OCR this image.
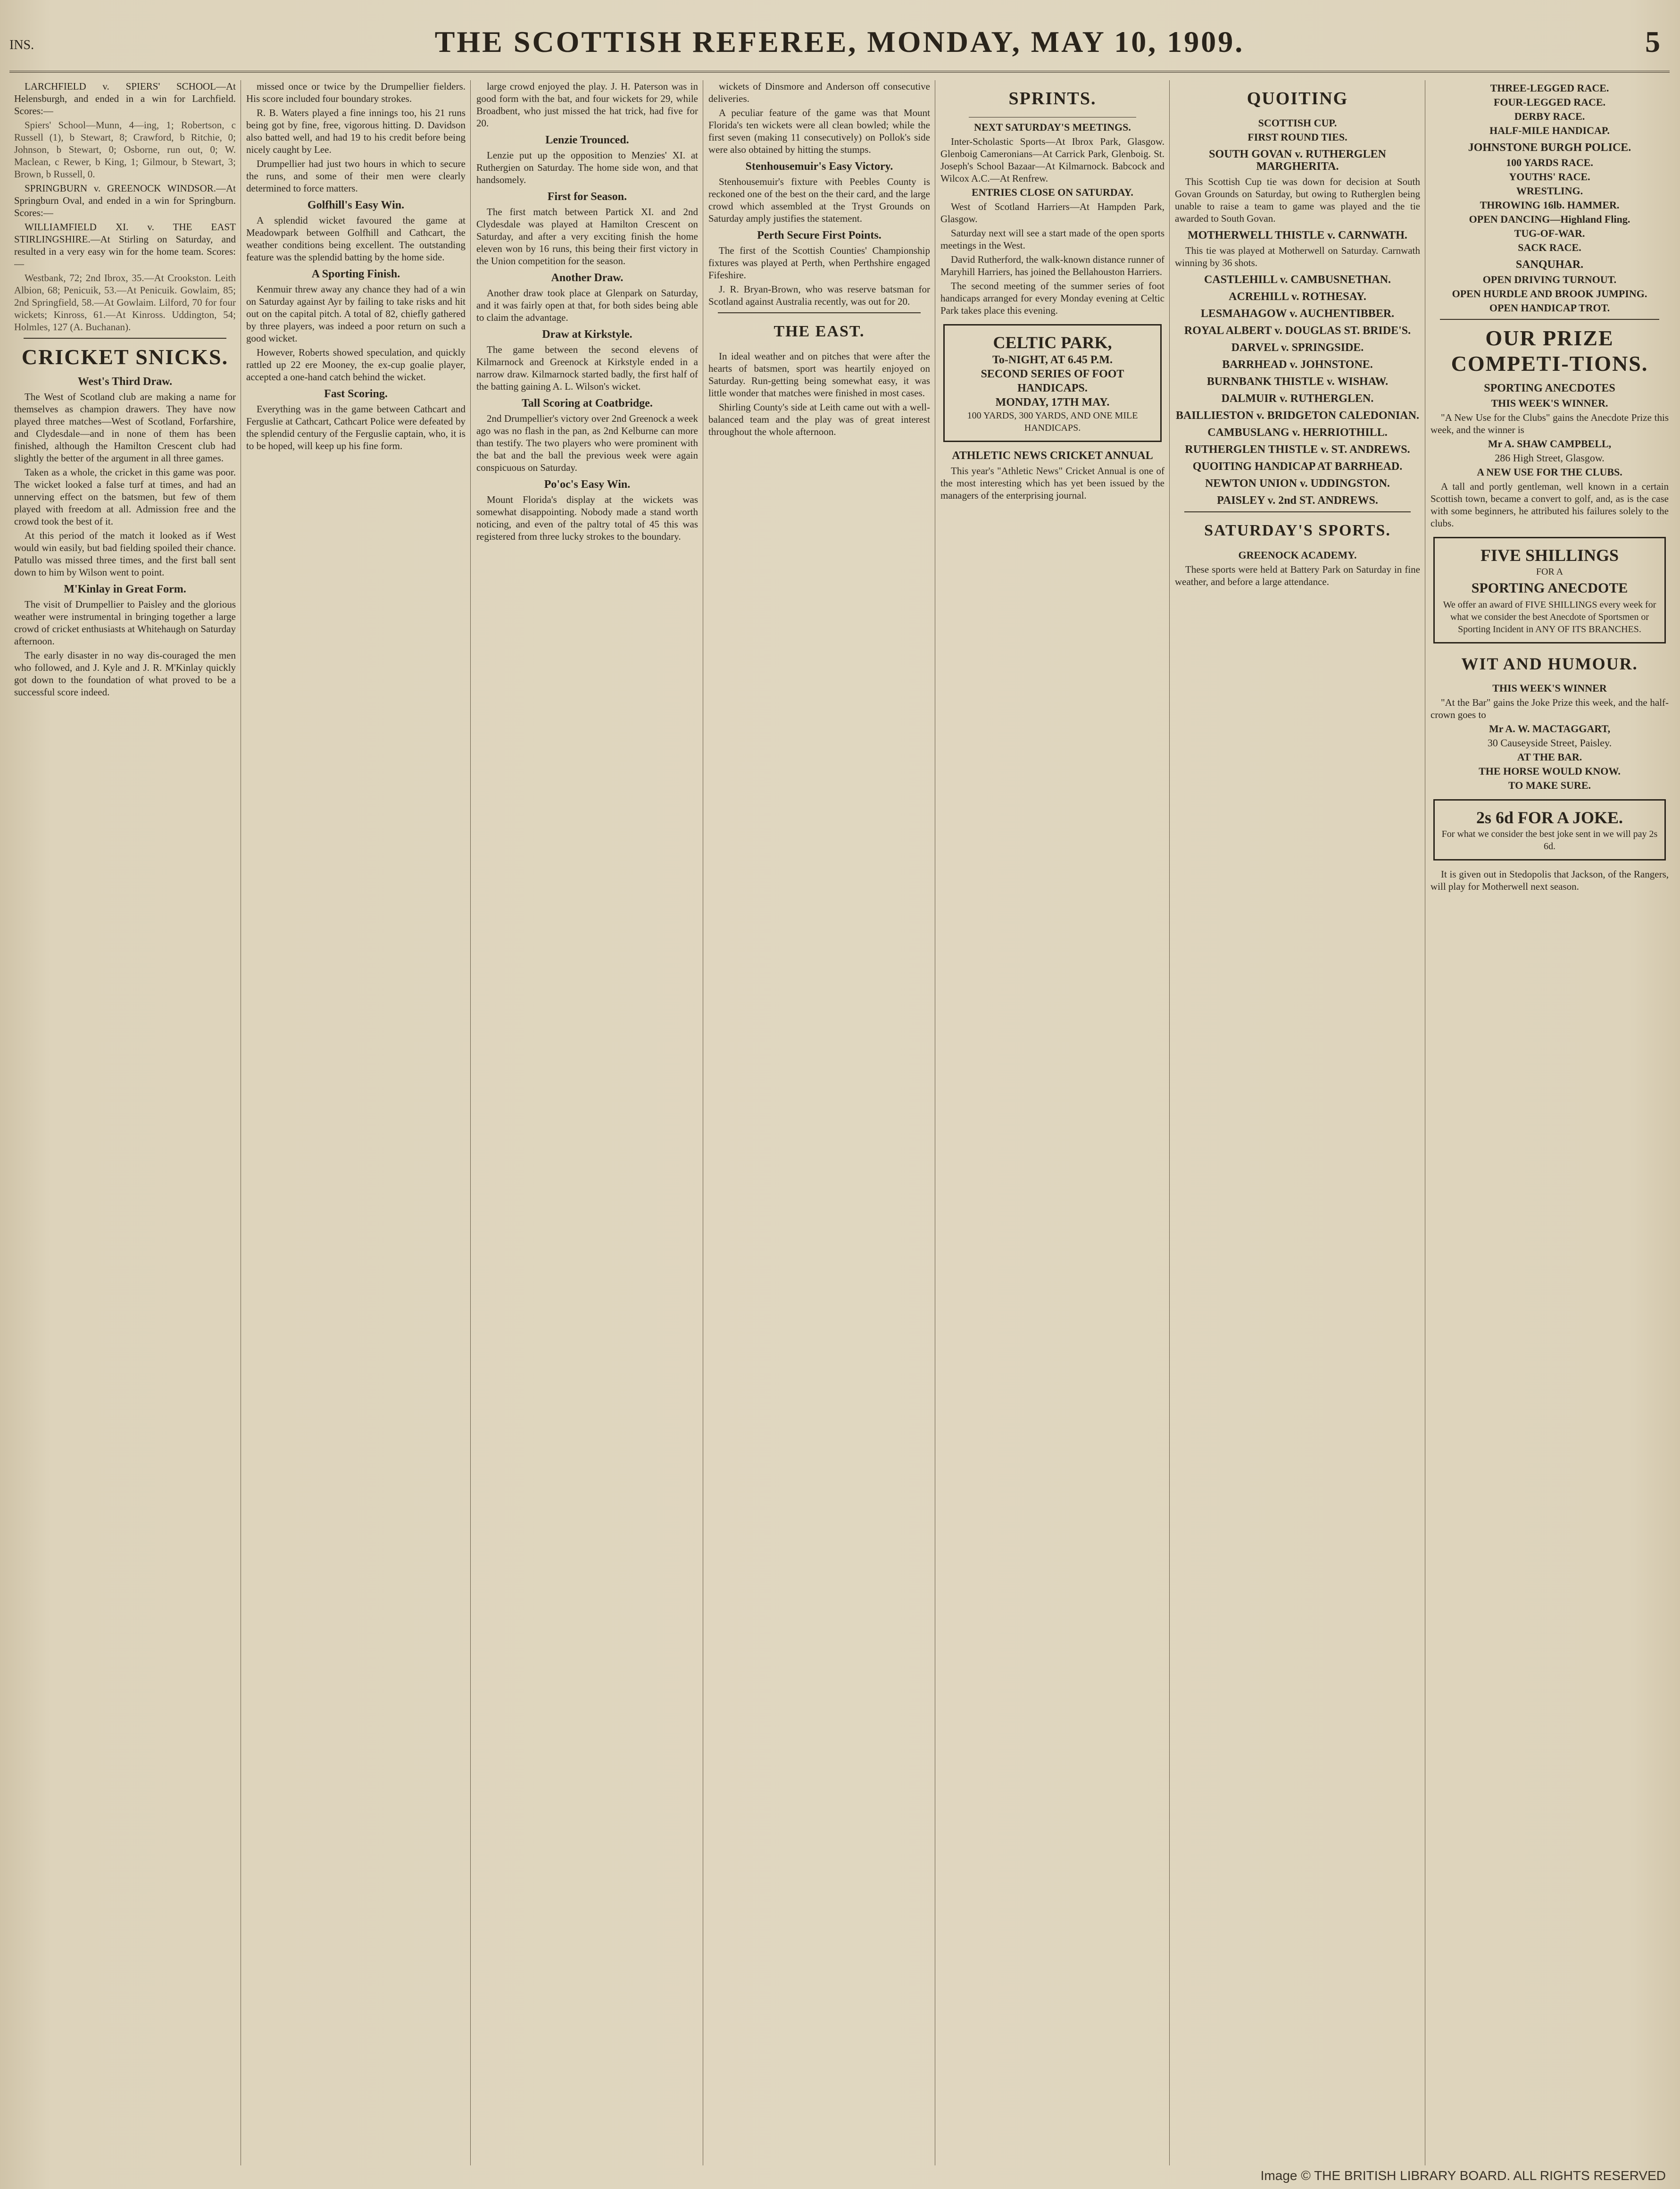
INS.	THE SCOTTISH REFEREE, MONDAY, MAY 10, 1909.	5

LARCHFIELD v. SPIERS' SCHOOL—At Helensburgh, and ended in a win for Larchfield. Scores:—

Spiers' School—Munn, 4—ing, 1; Robertson, c Russell (1), b Stewart, 8; Crawford, b Ritchie, 0; Johnson, b Stewart, 0; Osborne, run out, 0; W. Maclean, c Rewer, b King, 1; Gilmour, b Stewart, 3; Brown, b Russell, 0.

SPRINGBURN v. GREENOCK WINDSOR.—At Springburn Oval, and ended in a win for Springburn. Scores:—

WILLIAMFIELD XI. v. THE EAST STIRLINGSHIRE.—At Stirling on Saturday, and resulted in a very easy win for the home team. Scores:—

Westbank, 72; 2nd Ibrox, 35.—At Crookston. Leith Albion, 68; Penicuik, 53.—At Penicuik. Gowlaim, 85; 2nd Springfield, 58.—At Gowlaim. Lilford, 70 for four wickets; Kinross, 61.—At Kinross. Uddington, 54; Holmles, 127 (A. Buchanan).

CRICKET SNICKS.
West's Third Draw.

The West of Scotland club are making a name for themselves as champion drawers. They have now played three matches—West of Scotland, Forfarshire, and Clydesdale—and in none of them has been finished, although the Hamilton Crescent club had slightly the better of the argument in all three games.

Taken as a whole, the cricket in this game was poor. The wicket looked a false turf at times, and had an unnerving effect on the batsmen, but few of them played with freedom at all. Admission free and the crowd took the best of it.

At this period of the match it looked as if West would win easily, but bad fielding spoiled their chance. Patullo was missed three times, and the first ball sent down to him by Wilson went to point.

M'Kinlay in Great Form.

The visit of Drumpellier to Paisley and the glorious weather were instrumental in bringing together a large crowd of cricket enthusiasts at Whitehaugh on Saturday afternoon.

The early disaster in no way dis-couraged the men who followed, and J. Kyle and J. R. M'Kinlay quickly got down to the foundation of what proved to be a successful score indeed.

missed once or twice by the Drumpellier fielders. His score included four boundary strokes.

R. B. Waters played a fine innings too, his 21 runs being got by fine, free, vigorous hitting. D. Davidson also batted well, and had 19 to his credit before being nicely caught by Lee.

Drumpellier had just two hours in which to secure the runs, and some of their men were clearly determined to force matters.

Golfhill's Easy Win.

A splendid wicket favoured the game at Meadowpark between Golfhill and Cathcart, the weather conditions being excellent. The outstanding feature was the splendid batting by the home side.

A Sporting Finish.

Kenmuir threw away any chance they had of a win on Saturday against Ayr by failing to take risks and hit out on the capital pitch. A total of 82, chiefly gathered by three players, was indeed a poor return on such a good wicket.

However, Roberts showed speculation, and quickly rattled up 22 ere Mooney, the ex-cup goalie player, accepted a one-hand catch behind the wicket.

Fast Scoring.

Everything was in the game between Cathcart and Ferguslie at Cathcart, Cathcart Police were defeated by the splendid century of the Ferguslie captain, who, it is to be hoped, will keep up his fine form.

large crowd enjoyed the play. J. H. Paterson was in good form with the bat, and four wickets for 29, while Broadbent, who just missed the hat trick, had five for 20.

Lenzie Trounced.

Lenzie put up the opposition to Menzies' XI. at Ruthergien on Saturday. The home side won, and that handsomely.

First for Season.

The first match between Partick XI. and 2nd Clydesdale was played at Hamilton Crescent on Saturday, and after a very exciting finish the home eleven won by 16 runs, this being their first victory in the Union competition for the season.

Another Draw.

Another draw took place at Glenpark on Saturday, and it was fairly open at that, for both sides being able to claim the advantage.

Draw at Kirkstyle.

The game between the second elevens of Kilmarnock and Greenock at Kirkstyle ended in a narrow draw. Kilmarnock started badly, the first half of the batting gaining A. L. Wilson's wicket.

Tall Scoring at Coatbridge.

2nd Drumpellier's victory over 2nd Greenock a week ago was no flash in the pan, as 2nd Kelburne can more than testify. The two players who were prominent with the bat and the ball the previous week were again conspicuous on Saturday.

Po'oc's Easy Win.

Mount Florida's display at the wickets was somewhat disappointing. Nobody made a stand worth noticing, and even of the paltry total of 45 this was registered from three lucky strokes to the boundary.

wickets of Dinsmore and Anderson off consecutive deliveries.

A peculiar feature of the game was that Mount Florida's ten wickets were all clean bowled; while the first seven (making 11 consecutively) on Pollok's side were also obtained by hitting the stumps.

Stenhousemuir's Easy Victory.

Stenhousemuir's fixture with Peebles County is reckoned one of the best on the their card, and the large crowd which assembled at the Tryst Grounds on Saturday amply justifies the statement.

Perth Secure First Points.

The first of the Scottish Counties' Championship fixtures was played at Perth, when Perthshire engaged Fifeshire.

J. R. Bryan-Brown, who was reserve batsman for Scotland against Australia recently, was out for 20.

THE EAST.

In ideal weather and on pitches that were after the hearts of batsmen, sport was heartily enjoyed on Saturday. Run-getting being somewhat easy, it was little wonder that matches were finished in most cases.

Shirling County's side at Leith came out with a well-balanced team and the play was of great interest throughout the whole afternoon.

SPRINTS.
NEXT SATURDAY'S MEETINGS.

Inter-Scholastic Sports—At Ibrox Park, Glasgow. Glenboig Cameronians—At Carrick Park, Glenboig. St. Joseph's School Bazaar—At Kilmarnock. Babcock and Wilcox A.C.—At Renfrew.

ENTRIES CLOSE ON SATURDAY.

West of Scotland Harriers—At Hampden Park, Glasgow.

Saturday next will see a start made of the open sports meetings in the West.

David Rutherford, the walk-known distance runner of Maryhill Harriers, has joined the Bellahouston Harriers.

The second meeting of the summer series of foot handicaps arranged for every Monday evening at Celtic Park takes place this evening.

CELTIC PARK,
To-NIGHT, AT 6.45 P.M.
SECOND SERIES OF FOOT HANDICAPS.
MONDAY, 17TH MAY.
100 YARDS, 300 YARDS, AND ONE MILE HANDICAPS.
ATHLETIC NEWS CRICKET ANNUAL

This year's "Athletic News" Cricket Annual is one of the most interesting which has yet been issued by the managers of the enterprising journal.

QUOITING
SCOTTISH CUP.
FIRST ROUND TIES.
SOUTH GOVAN v. RUTHERGLEN MARGHERITA.

This Scottish Cup tie was down for decision at South Govan Grounds on Saturday, but owing to Rutherglen being unable to raise a team to game was played and the tie awarded to South Govan.

MOTHERWELL THISTLE v. CARNWATH.

This tie was played at Motherwell on Saturday. Carnwath winning by 36 shots.

CASTLEHILL v. CAMBUSNETHAN.
ACREHILL v. ROTHESAY.
LESMAHAGOW v. AUCHENTIBBER.
ROYAL ALBERT v. DOUGLAS ST. BRIDE'S.
DARVEL v. SPRINGSIDE.
BARRHEAD v. JOHNSTONE.
BURNBANK THISTLE v. WISHAW.
DALMUIR v. RUTHERGLEN.
BAILLIESTON v. BRIDGETON CALEDONIAN.
CAMBUSLANG v. HERRIOTHILL.
RUTHERGLEN THISTLE v. ST. ANDREWS.
QUOITING HANDICAP AT BARRHEAD.
NEWTON UNION v. UDDINGSTON.
PAISLEY v. 2nd ST. ANDREWS.
SATURDAY'S SPORTS.
GREENOCK ACADEMY.

These sports were held at Battery Park on Saturday in fine weather, and before a large attendance.

THREE-LEGGED RACE.
FOUR-LEGGED RACE.
DERBY RACE.
HALF-MILE HANDICAP.
JOHNSTONE BURGH POLICE.
100 YARDS RACE.
YOUTHS' RACE.
WRESTLING.
THROWING 16lb. HAMMER.
OPEN DANCING—Highland Fling.
TUG-OF-WAR.
SACK RACE.
SANQUHAR.
OPEN DRIVING TURNOUT.
OPEN HURDLE AND BROOK JUMPING.
OPEN HANDICAP TROT.
OUR PRIZE COMPETI-TIONS.
SPORTING ANECDOTES
THIS WEEK'S WINNER.

"A New Use for the Clubs" gains the Anecdote Prize this week, and the winner is

Mr A. SHAW CAMPBELL,
286 High Street, Glasgow.
A NEW USE FOR THE CLUBS.

A tall and portly gentleman, well known in a certain Scottish town, became a convert to golf, and, as is the case with some beginners, he attributed his failures solely to the clubs.

FIVE SHILLINGS
FOR A
SPORTING ANECDOTE
We offer an award of FIVE SHILLINGS every week for what we consider the best Anecdote of Sportsmen or Sporting Incident in ANY OF ITS BRANCHES.
WIT AND HUMOUR.
THIS WEEK'S WINNER

"At the Bar" gains the Joke Prize this week, and the half-crown goes to

Mr A. W. MACTAGGART,
30 Causeyside Street, Paisley.
AT THE BAR.
THE HORSE WOULD KNOW.
TO MAKE SURE.
2s 6d FOR A JOKE.
For what we consider the best joke sent in we will pay 2s 6d.

It is given out in Stedopolis that Jackson, of the Rangers, will play for Motherwell next season.

Image © THE BRITISH LIBRARY BOARD. ALL RIGHTS RESERVED
